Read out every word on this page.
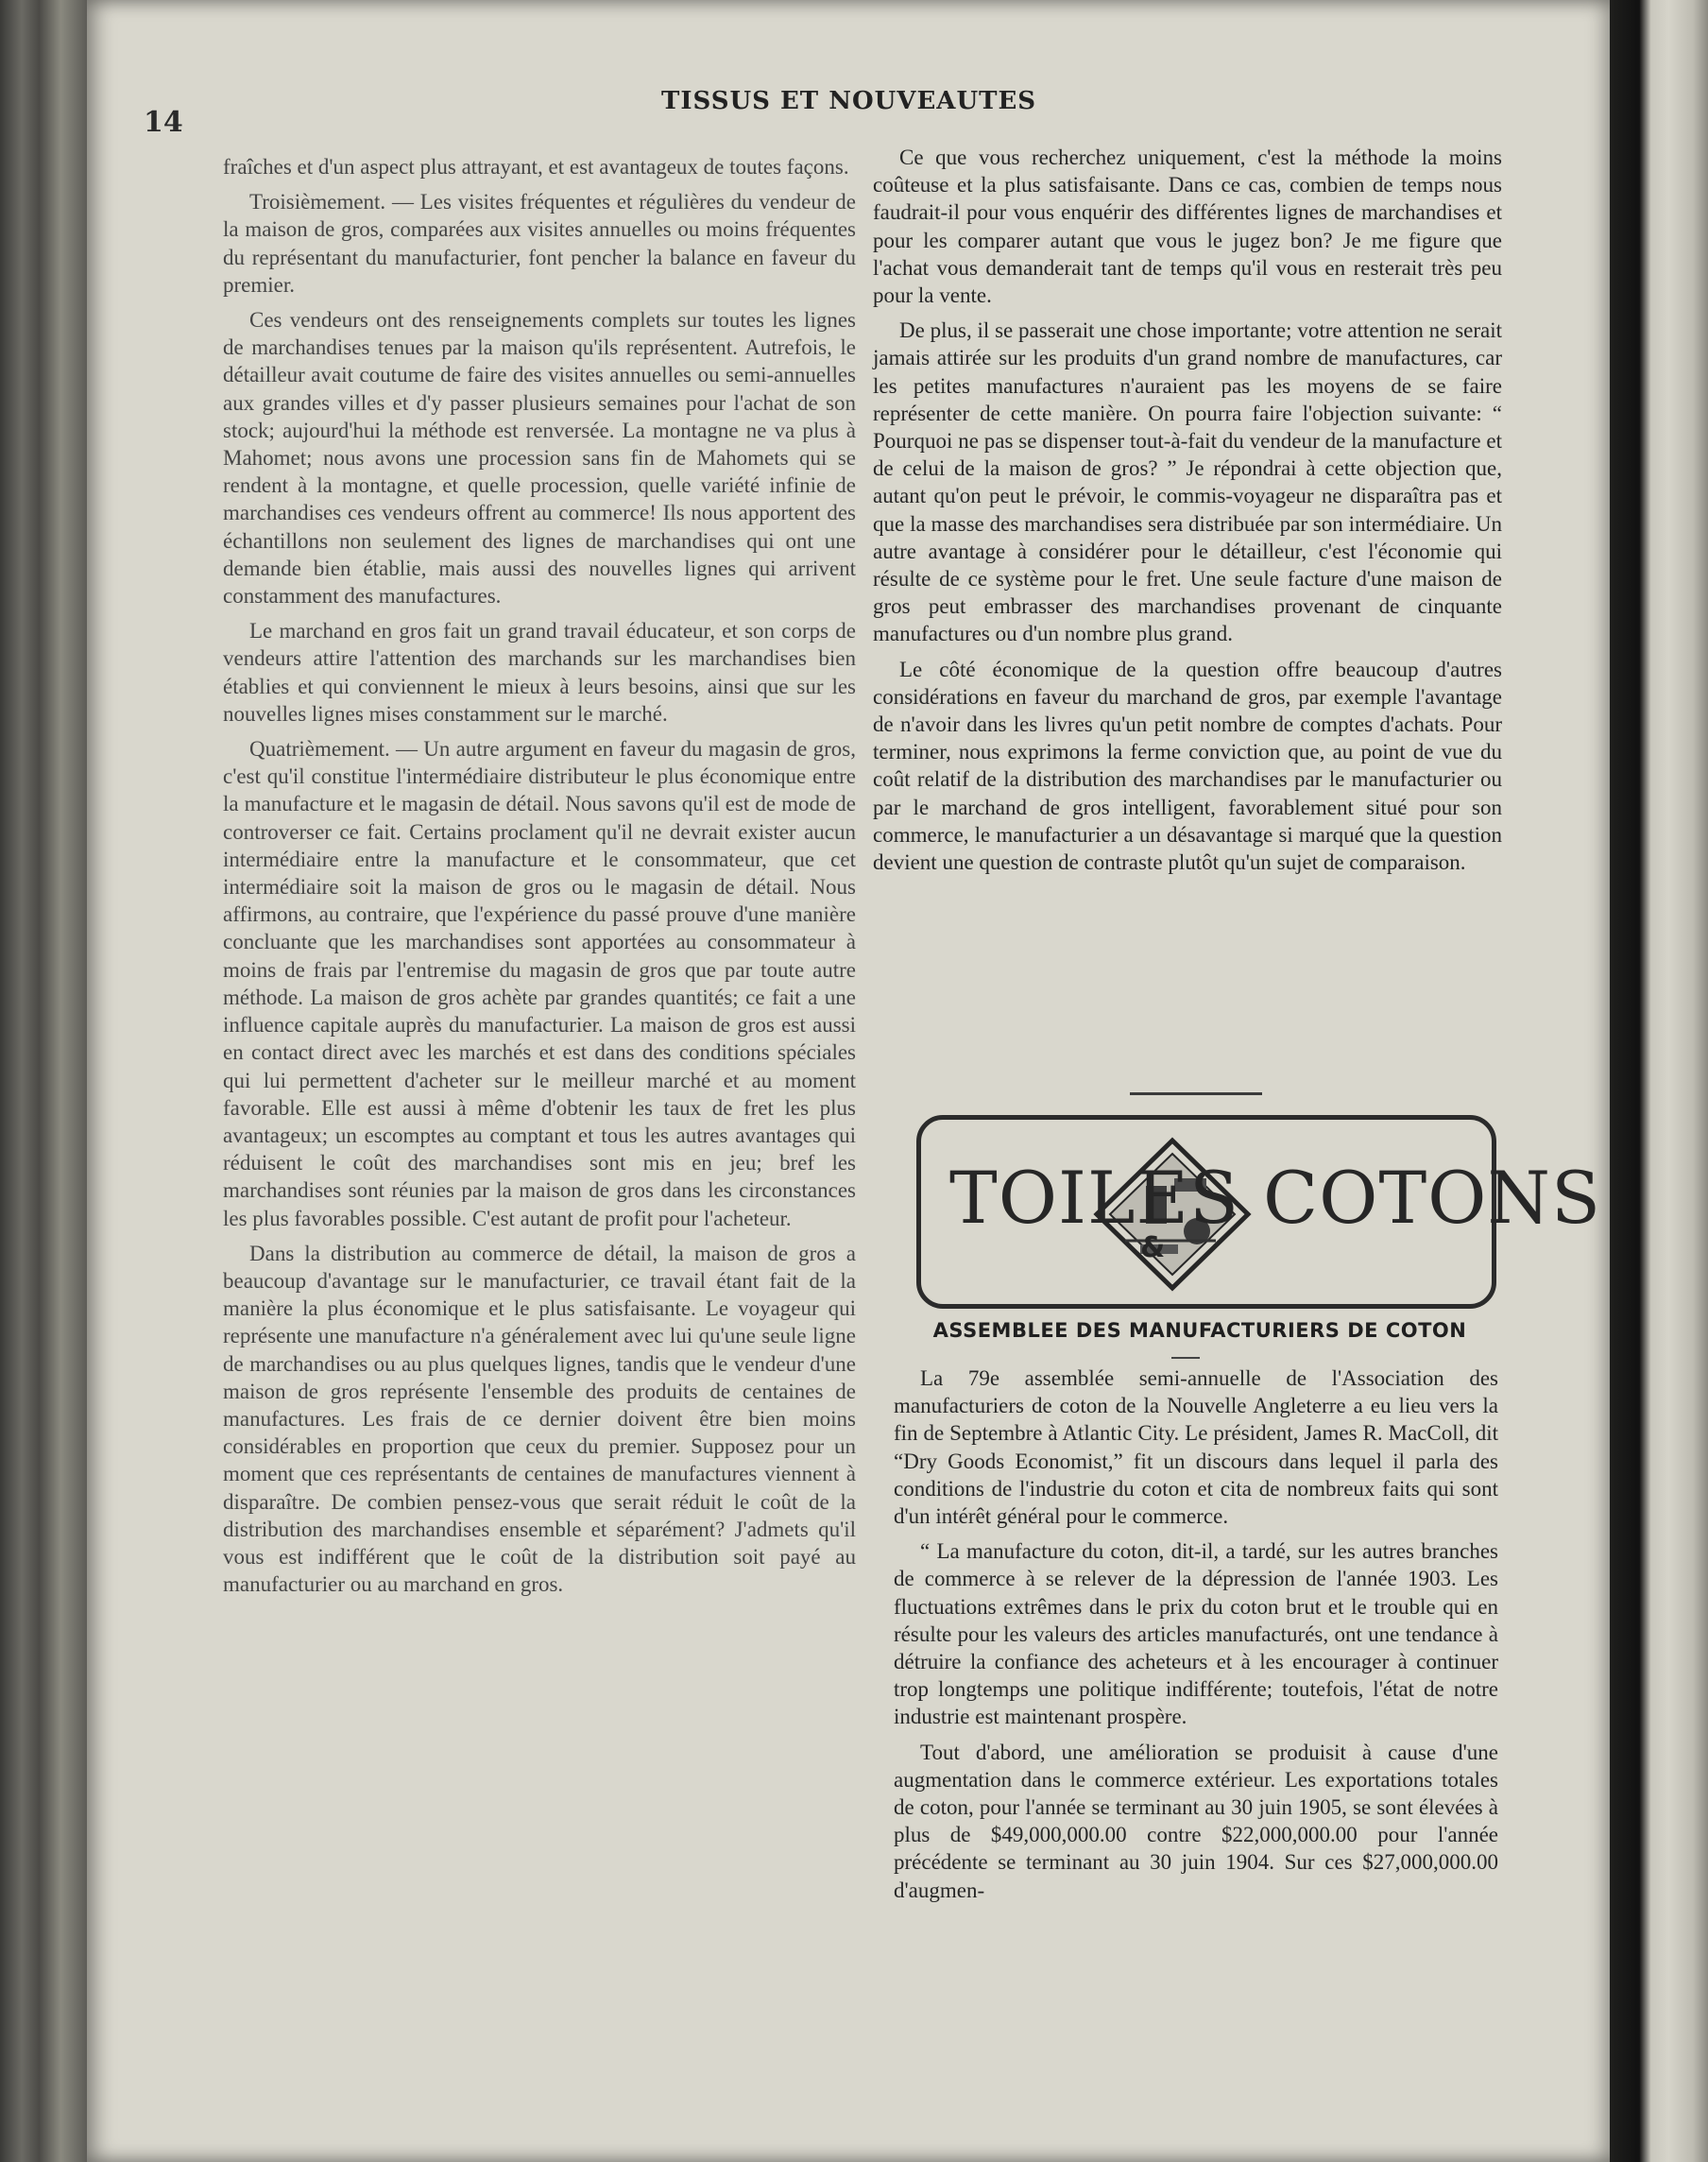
14
TISSUS ET NOUVEAUTES

fraîches et d'un aspect plus attrayant, et est avantageux de toutes façons.

Troisièmement. — Les visites fréquentes et régulières du vendeur de la maison de gros, comparées aux visites annuelles ou moins fréquentes du représentant du manufacturier, font pencher la balance en faveur du premier.

Ces vendeurs ont des renseignements complets sur toutes les lignes de marchandises tenues par la maison qu'ils représentent. Autrefois, le détailleur avait coutume de faire des visites annuelles ou semi-annuelles aux grandes villes et d'y passer plusieurs semaines pour l'achat de son stock; aujourd'hui la méthode est renversée. La montagne ne va plus à Mahomet; nous avons une procession sans fin de Mahomets qui se rendent à la montagne, et quelle procession, quelle variété infinie de marchandises ces vendeurs offrent au commerce! Ils nous apportent des échantillons non seulement des lignes de marchandises qui ont une demande bien établie, mais aussi des nouvelles lignes qui arrivent constamment des manufactures.

Le marchand en gros fait un grand travail éducateur, et son corps de vendeurs attire l'attention des marchands sur les marchandises bien établies et qui conviennent le mieux à leurs besoins, ainsi que sur les nouvelles lignes mises constamment sur le marché.

Quatrièmement. — Un autre argument en faveur du magasin de gros, c'est qu'il constitue l'intermédiaire distributeur le plus économique entre la manufacture et le magasin de détail. Nous savons qu'il est de mode de controverser ce fait. Certains proclament qu'il ne devrait exister aucun intermédiaire entre la manufacture et le consommateur, que cet intermédiaire soit la maison de gros ou le magasin de détail. Nous affirmons, au contraire, que l'expérience du passé prouve d'une manière concluante que les marchandises sont apportées au consommateur à moins de frais par l'entremise du magasin de gros que par toute autre méthode. La maison de gros achète par grandes quantités; ce fait a une influence capitale auprès du manufacturier. La maison de gros est aussi en contact direct avec les marchés et est dans des conditions spéciales qui lui permettent d'acheter sur le meilleur marché et au moment favorable. Elle est aussi à même d'obtenir les taux de fret les plus avantageux; un escomptes au comptant et tous les autres avantages qui réduisent le coût des marchandises sont mis en jeu; bref les marchandises sont réunies par la maison de gros dans les circonstances les plus favorables possible. C'est autant de profit pour l'acheteur.

Dans la distribution au commerce de détail, la maison de gros a beaucoup d'avantage sur le manufacturier, ce travail étant fait de la manière la plus économique et le plus satisfaisante. Le voyageur qui représente une manufacture n'a généralement avec lui qu'une seule ligne de marchandises ou au plus quelques lignes, tandis que le vendeur d'une maison de gros représente l'ensemble des produits de centaines de manufactures. Les frais de ce dernier doivent être bien moins considérables en proportion que ceux du premier. Supposez pour un moment que ces représentants de centaines de manufactures viennent à disparaître. De combien pensez-vous que serait réduit le coût de la distribution des marchandises ensemble et séparément? J'admets qu'il vous est indifférent que le coût de la distribution soit payé au manufacturier ou au marchand en gros.

Ce que vous recherchez uniquement, c'est la méthode la moins coûteuse et la plus satisfaisante. Dans ce cas, combien de temps nous faudrait-il pour vous enquérir des différentes lignes de marchandises et pour les comparer autant que vous le jugez bon? Je me figure que l'achat vous demanderait tant de temps qu'il vous en resterait très peu pour la vente.

De plus, il se passerait une chose importante; votre attention ne serait jamais attirée sur les produits d'un grand nombre de manufactures, car les petites manufactures n'auraient pas les moyens de se faire représenter de cette manière. On pourra faire l'objection suivante: “ Pourquoi ne pas se dispenser tout-à-fait du vendeur de la manufacture et de celui de la maison de gros? ” Je répondrai à cette objection que, autant qu'on peut le prévoir, le commis-voyageur ne disparaîtra pas et que la masse des marchandises sera distribuée par son intermédiaire. Un autre avantage à considérer pour le détailleur, c'est l'économie qui résulte de ce système pour le fret. Une seule facture d'une maison de gros peut embrasser des marchandises provenant de cinquante manufactures ou d'un nombre plus grand.

Le côté économique de la question offre beaucoup d'autres considérations en faveur du marchand de gros, par exemple l'avantage de n'avoir dans les livres qu'un petit nombre de comptes d'achats. Pour terminer, nous exprimons la ferme conviction que, au point de vue du coût relatif de la distribution des marchandises par le manufacturier ou par le marchand de gros intelligent, favorablement situé pour son commerce, le manufacturier a un désavantage si marqué que la question devient une question de contraste plutôt qu'un sujet de comparaison.

TOILES
&
COTONS
ASSEMBLEE DES MANUFACTURIERS DE COTON

La 79e assemblée semi-annuelle de l'Association des manufacturiers de coton de la Nouvelle Angleterre a eu lieu vers la fin de Septembre à Atlantic City. Le président, James R. MacColl, dit “Dry Goods Economist,” fit un discours dans lequel il parla des conditions de l'industrie du coton et cita de nombreux faits qui sont d'un intérêt général pour le commerce.

“ La manufacture du coton, dit-il, a tardé, sur les autres branches de commerce à se relever de la dépression de l'année 1903. Les fluctuations extrêmes dans le prix du coton brut et le trouble qui en résulte pour les valeurs des articles manufacturés, ont une tendance à détruire la confiance des acheteurs et à les encourager à continuer trop longtemps une politique indifférente; toutefois, l'état de notre industrie est maintenant prospère.

Tout d'abord, une amélioration se produisit à cause d'une augmentation dans le commerce extérieur. Les exportations totales de coton, pour l'année se terminant au 30 juin 1905, se sont élevées à plus de $49,000,000.00 contre $22,000,000.00 pour l'année précédente se terminant au 30 juin 1904. Sur ces $27,000,000.00 d'augmen-
